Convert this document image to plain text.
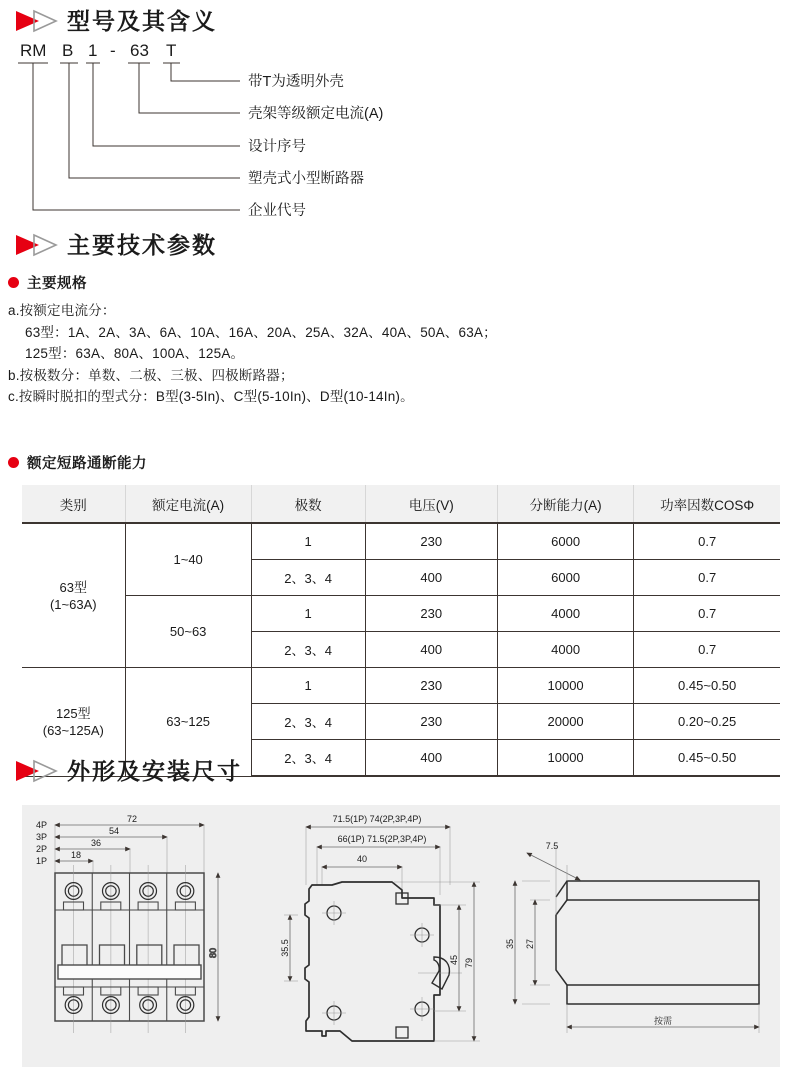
型号及其含义
RM B 1 - 63 T
带T为透明外壳
壳架等级额定电流(A)
设计序号
塑壳式小型断路器
企业代号
主要技术参数
主要规格
a.按额定电流分：
63型：1A、2A、3A、6A、10A、16A、20A、25A、32A、40A、50A、63A；
125型：63A、80A、100A、125A。
b.按极数分：单数、二极、三极、四极断路器；
c.按瞬时脱扣的型式分：B型(3-5In)、C型(5-10In)、D型(10-14In)。
额定短路通断能力
类别	额定电流(A)	极数	电压(V)	分断能力(A)	功率因数COSΦ

63型
(1~63A)	1~40	1	230	6000	0.7
		2、3、4	400	6000	0.7
	50~63	1	230	4000	0.7
		2、3、4	400	4000	0.7

125型
(63~125A)	63~125	1	230	10000	0.45~0.50
		2、3、4	230	20000	0.20~0.25
		2、3、4	400	10000	0.45~0.50
外形及安装尺寸
4P
3P
2P
1P
72
54
36
18
80
71.5(1P) 74(2P,3P,4P)
66(1P) 71.5(2P,3P,4P)
40
35.5
45 79
7.5
35 27
按需
